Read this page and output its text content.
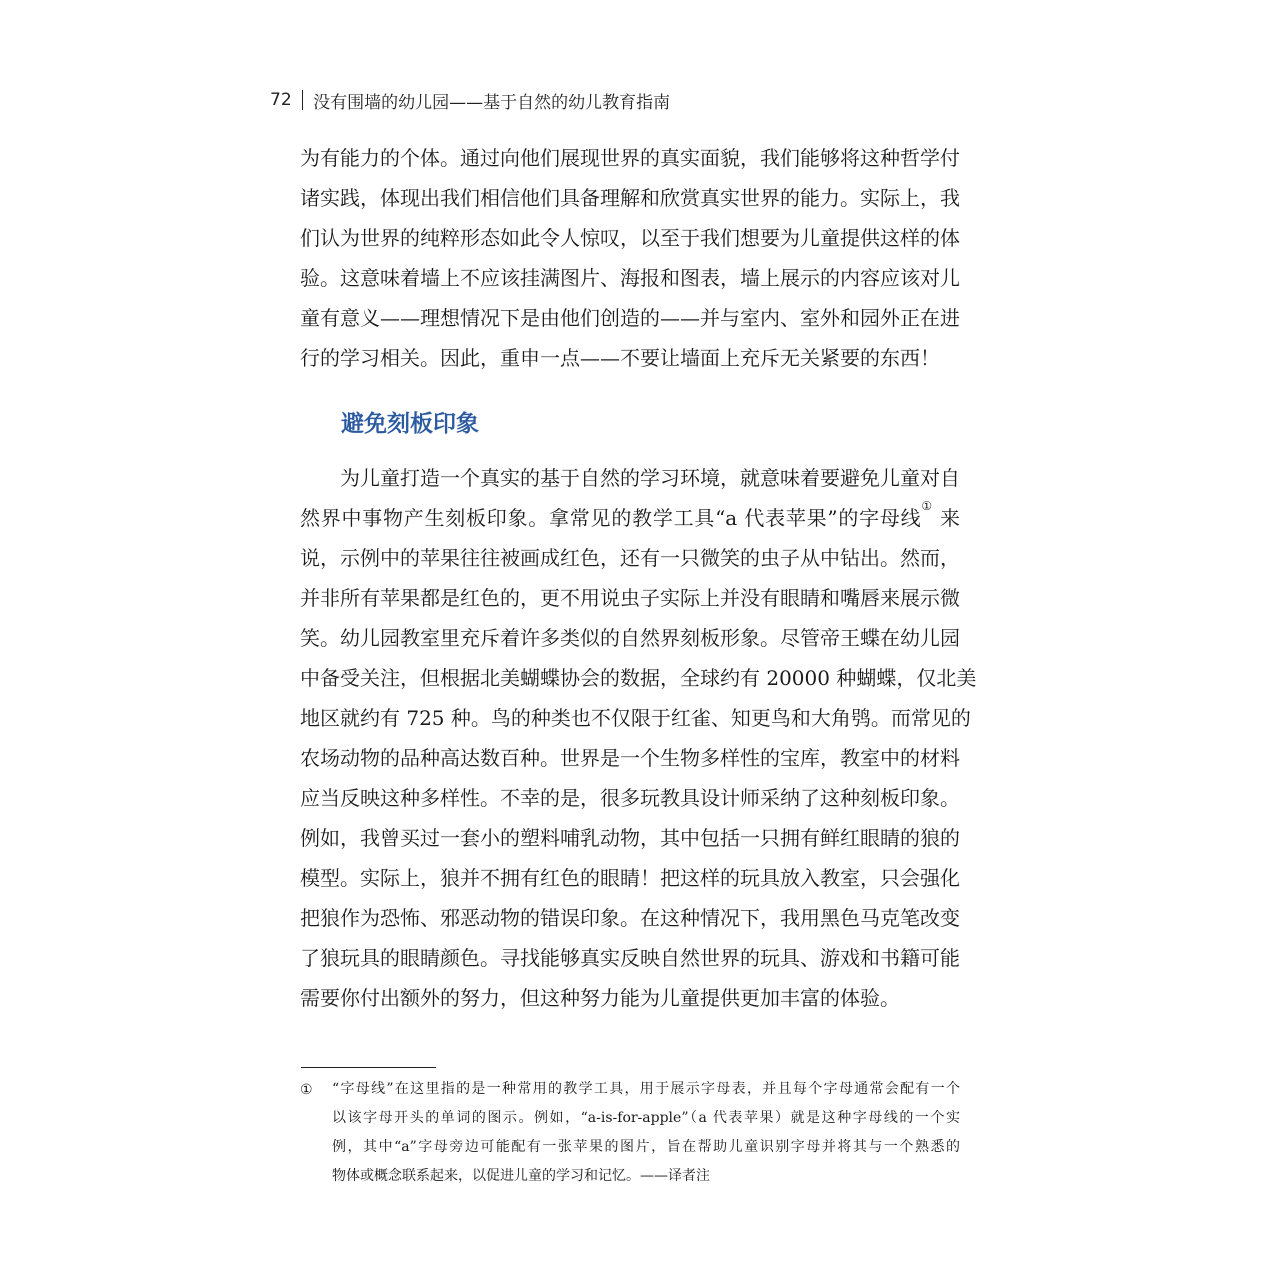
72 没有围墙的幼儿园——基于自然的幼儿教育指南
为有能力的个体。通过向他们展现世界的真实面貌，我们能够将这种哲学付
诸实践，体现出我们相信他们具备理解和欣赏真实世界的能力。实际上，我
们认为世界的纯粹形态如此令人惊叹，以至于我们想要为儿童提供这样的体
验。这意味着墙上不应该挂满图片、海报和图表，墙上展示的内容应该对儿
童有意义——理想情况下是由他们创造的——并与室内、室外和园外正在进
行的学习相关。因此，重申一点——不要让墙面上充斥无关紧要的东西！
避免刻板印象
为儿童打造一个真实的基于自然的学习环境，就意味着要避免儿童对自
然界中事物产生刻板印象。拿常见的教学工具“a 代表苹果”的字母线① 来
说，示例中的苹果往往被画成红色，还有一只微笑的虫子从中钻出。然而，
并非所有苹果都是红色的，更不用说虫子实际上并没有眼睛和嘴唇来展示微
笑。幼儿园教室里充斥着许多类似的自然界刻板形象。尽管帝王蝶在幼儿园
中备受关注，但根据北美蝴蝶协会的数据，全球约有 20000 种蝴蝶，仅北美
地区就约有 725 种。鸟的种类也不仅限于红雀、知更鸟和大角鸮。而常见的
农场动物的品种高达数百种。世界是一个生物多样性的宝库，教室中的材料
应当反映这种多样性。不幸的是，很多玩教具设计师采纳了这种刻板印象。
例如，我曾买过一套小的塑料哺乳动物，其中包括一只拥有鲜红眼睛的狼的
模型。实际上，狼并不拥有红色的眼睛！把这样的玩具放入教室，只会强化
把狼作为恐怖、邪恶动物的错误印象。在这种情况下，我用黑色马克笔改变
了狼玩具的眼睛颜色。寻找能够真实反映自然世界的玩具、游戏和书籍可能
需要你付出额外的努力，但这种努力能为儿童提供更加丰富的体验。
① “字母线”在这里指的是一种常用的教学工具，用于展示字母表，并且每个字母通常会配有一个
以该字母开头的单词的图示。例如，“a-is-for-apple”（a 代表苹果）就是这种字母线的一个实
例，其中“a”字母旁边可能配有一张苹果的图片，旨在帮助儿童识别字母并将其与一个熟悉的
物体或概念联系起来，以促进儿童的学习和记忆。——译者注
